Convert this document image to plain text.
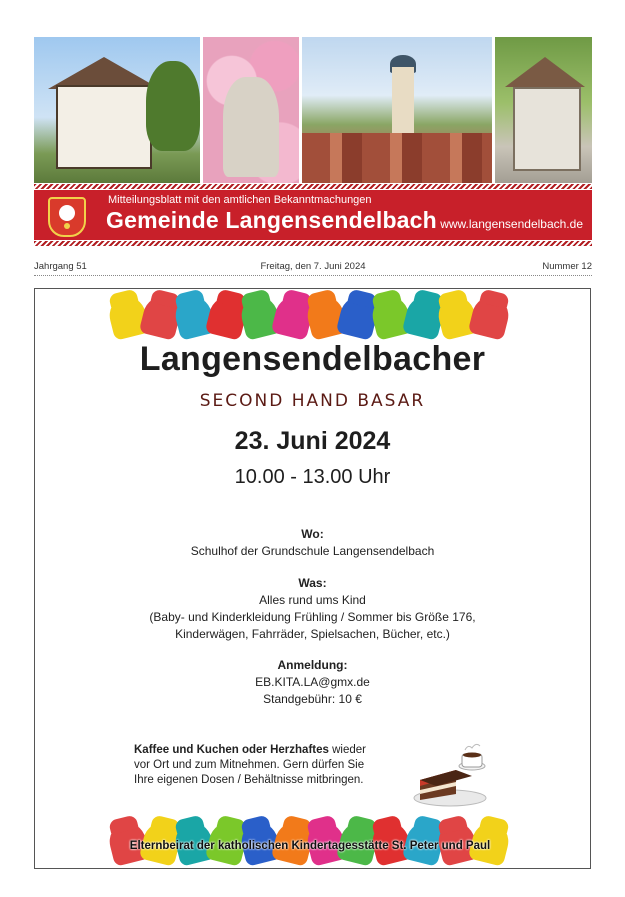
Mitteilungsblatt mit den amtlichen Bekanntmachungen
Gemeinde Langensendelbach www.langensendelbach.de
Jahrgang 51	Freitag, den 7. Juni 2024	Nummer 12
Langensendelbacher
SECOND HAND BASAR
23. Juni 2024
10.00 - 13.00 Uhr
Wo:
Schulhof der Grundschule Langensendelbach
Was:
Alles rund ums Kind
(Baby- und Kinderkleidung Frühling / Sommer bis Größe 176,
Kinderwägen, Fahrräder, Spielsachen, Bücher, etc.)
Anmeldung:
EB.KITA.LA@gmx.de
Standgebühr: 10 €
Kaffee und Kuchen oder Herzhaftes wieder
vor Ort und zum Mitnehmen. Gern dürfen Sie
Ihre eigenen Dosen / Behältnisse mitbringen.
Elternbeirat der katholischen Kindertagesstätte St. Peter und Paul
